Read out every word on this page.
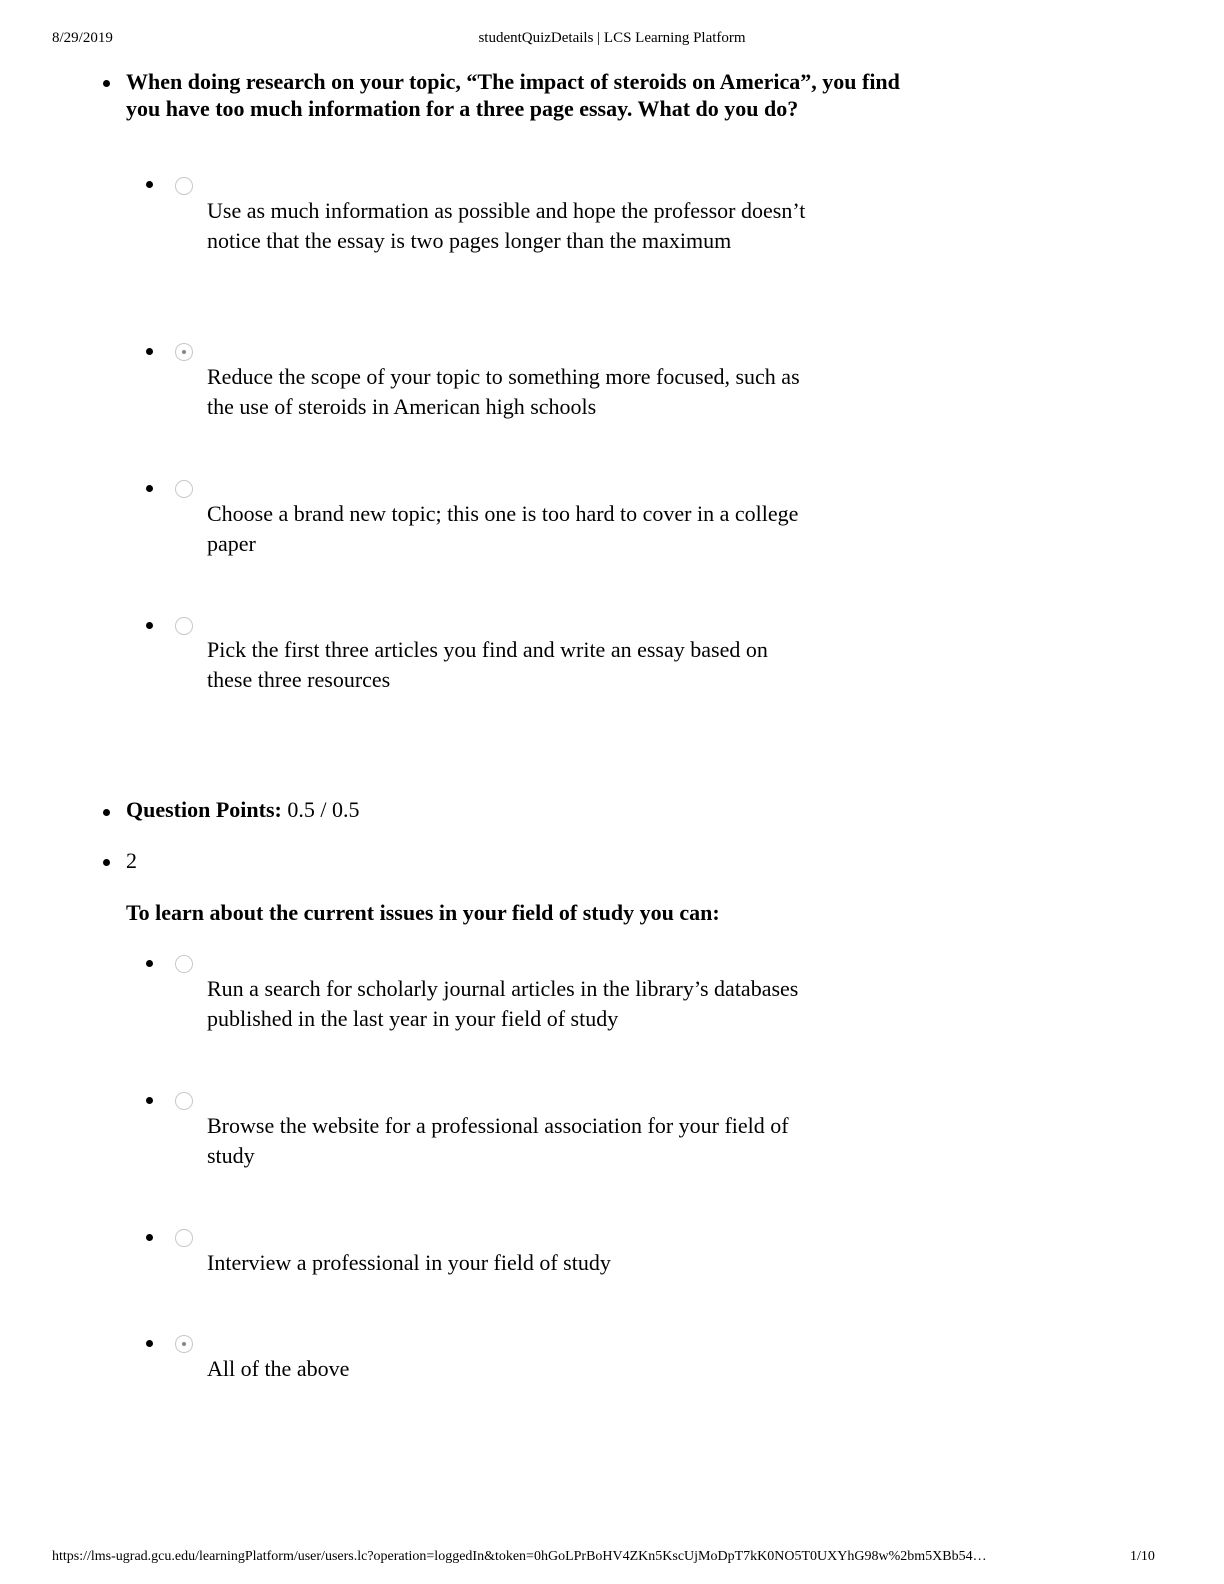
8/29/2019	studentQuizDetails | LCS Learning Platform
When doing research on your topic, “The impact of steroids on America”, you find you have too much information for a three page essay. What do you do?
Use as much information as possible and hope the professor doesn’t notice that the essay is two pages longer than the maximum
Reduce the scope of your topic to something more focused, such as the use of steroids in American high schools
Choose a brand new topic; this one is too hard to cover in a college paper
Pick the first three articles you find and write an essay based on these three resources
Question Points: 0.5 / 0.5
2
To learn about the current issues in your field of study you can:
Run a search for scholarly journal articles in the library’s databases published in the last year in your field of study
Browse the website for a professional association for your field of study
Interview a professional in your field of study
All of the above
https://lms-ugrad.gcu.edu/learningPlatform/user/users.lc?operation=loggedIn&token=0hGoLPrBoHV4ZKn5KscUjMoDpT7kK0NO5T0UXYhG98w%2bm5XBb54…	1/10
